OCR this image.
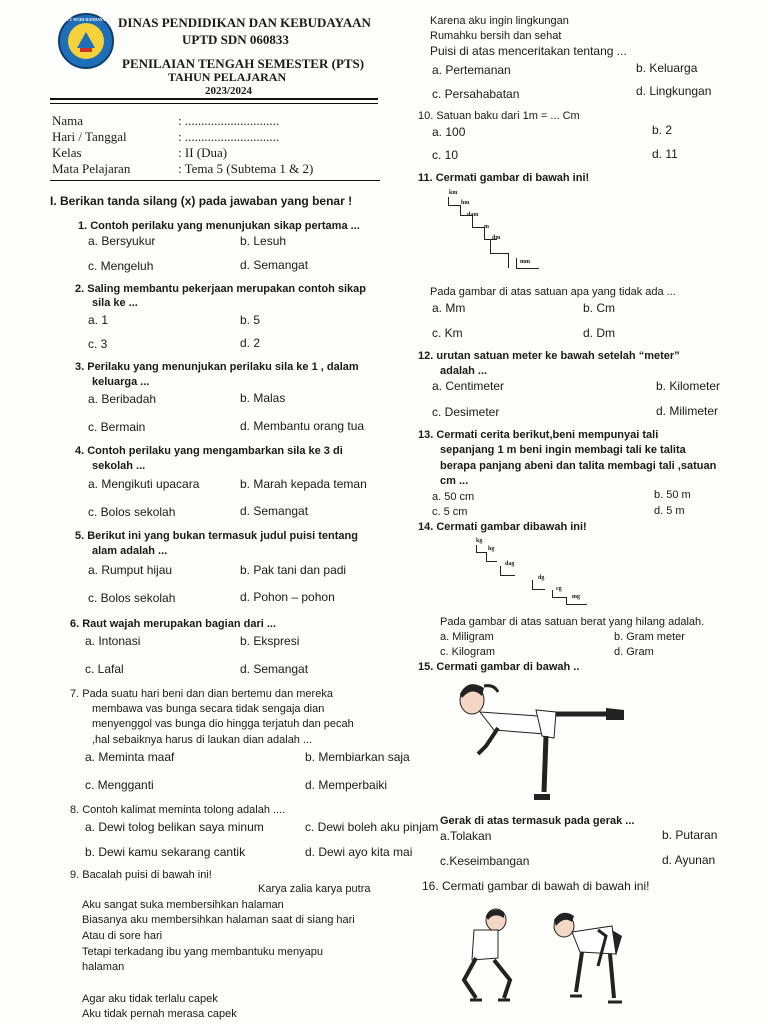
TUT WURI HANDAYANI DINAS PENDIDIKAN DAN KEBUDAYAAN
UPTD SDN 060833
PENILAIAN TENGAH SEMESTER (PTS)
TAHUN PELAJARAN
2023/2024
Nama	: .............................
Hari / Tanggal	: .............................
Kelas	: II (Dua)
Mata Pelajaran	: Tema 5 (Subtema 1 & 2)
I. Berikan tanda silang (x) pada jawaban yang benar !
1. Contoh perilaku yang menunjukan sikap pertama ...
a. Bersyukur	b. Lesuh
c. Mengeluh	d. Semangat
2. Saling membantu pekerjaan merupakan contoh sikap
sila ke ...
a. 1	b. 5
c. 3	d. 2
3. Perilaku yang menunjukan perilaku sila ke 1 , dalam
keluarga ...
a. Beribadah	b. Malas
c. Bermain	d. Membantu orang tua
4. Contoh perilaku yang mengambarkan sila ke 3 di
sekolah ...
a. Mengikuti upacara	b. Marah kepada teman
c. Bolos sekolah	d. Semangat
5. Berikut ini yang bukan termasuk judul puisi tentang
alam adalah ...
a. Rumput hijau	b. Pak tani dan padi
c. Bolos sekolah	d. Pohon – pohon
6. Raut wajah merupakan bagian dari ...
a. Intonasi	b. Ekspresi
c. Lafal	d. Semangat
7. Pada suatu hari beni dan dian bertemu dan mereka
membawa vas bunga secara tidak sengaja dian
menyenggol vas bunga dio hingga terjatuh dan pecah
,hal sebaiknya harus di laukan dian adalah ...
a. Meminta maaf	b. Membiarkan saja
c. Mengganti	d. Memperbaiki
8. Contoh kalimat meminta tolong adalah ....
a. Dewi tolog belikan saya minum	c. Dewi boleh aku pinjam
b. Dewi kamu sekarang cantik	d. Dewi ayo kita mai
9. Bacalah puisi di bawah ini!
Karya zalia karya putra
Aku sangat suka membersihkan halaman
Biasanya aku membersihkan halaman saat di siang hari
Atau di sore hari
Tetapi terkadang ibu yang membantuku menyapu
halaman
Agar aku tidak terlalu capek
Aku tidak pernah merasa capek
Karena aku ingin lingkungan
Rumahku bersih dan sehat
Puisi di atas menceritakan tentang ...
a. Pertemanan	b. Keluarga
c. Persahabatan	d. Lingkungan
10. Satuan baku dari 1m = ... Cm
a. 100	b. 2
c. 10	d. 11
11. Cermati gambar di bawah ini!
km
hm
dam
m
dm
mm
Pada gambar di atas satuan apa yang tidak ada ...
a. Mm	b. Cm
c. Km	d. Dm
12. urutan satuan meter ke bawah setelah “meter”
adalah ...
a. Centimeter	b. Kilometer
c. Desimeter	d. Milimeter
13. Cermati cerita berikut,beni mempunyai tali
sepanjang 1 m beni ingin membagi tali ke talita
berapa panjang abeni dan talita membagi tali ,satuan
cm ...
a. 50 cm	b. 50 m
c. 5 cm	d. 5 m
14. Cermati gambar dibawah ini!
kg
hg
dag
dg
cg
mg
Pada gambar di atas satuan berat yang hilang adalah.
a. Miligram	b. Gram meter
c. Kilogram	d. Gram
15. Cermati gambar di bawah ..
Gerak di atas termasuk pada gerak ...
a.Tolakan	b. Putaran
c.Keseimbangan	d. Ayunan
16. Cermati gambar di bawah di bawah ini!
